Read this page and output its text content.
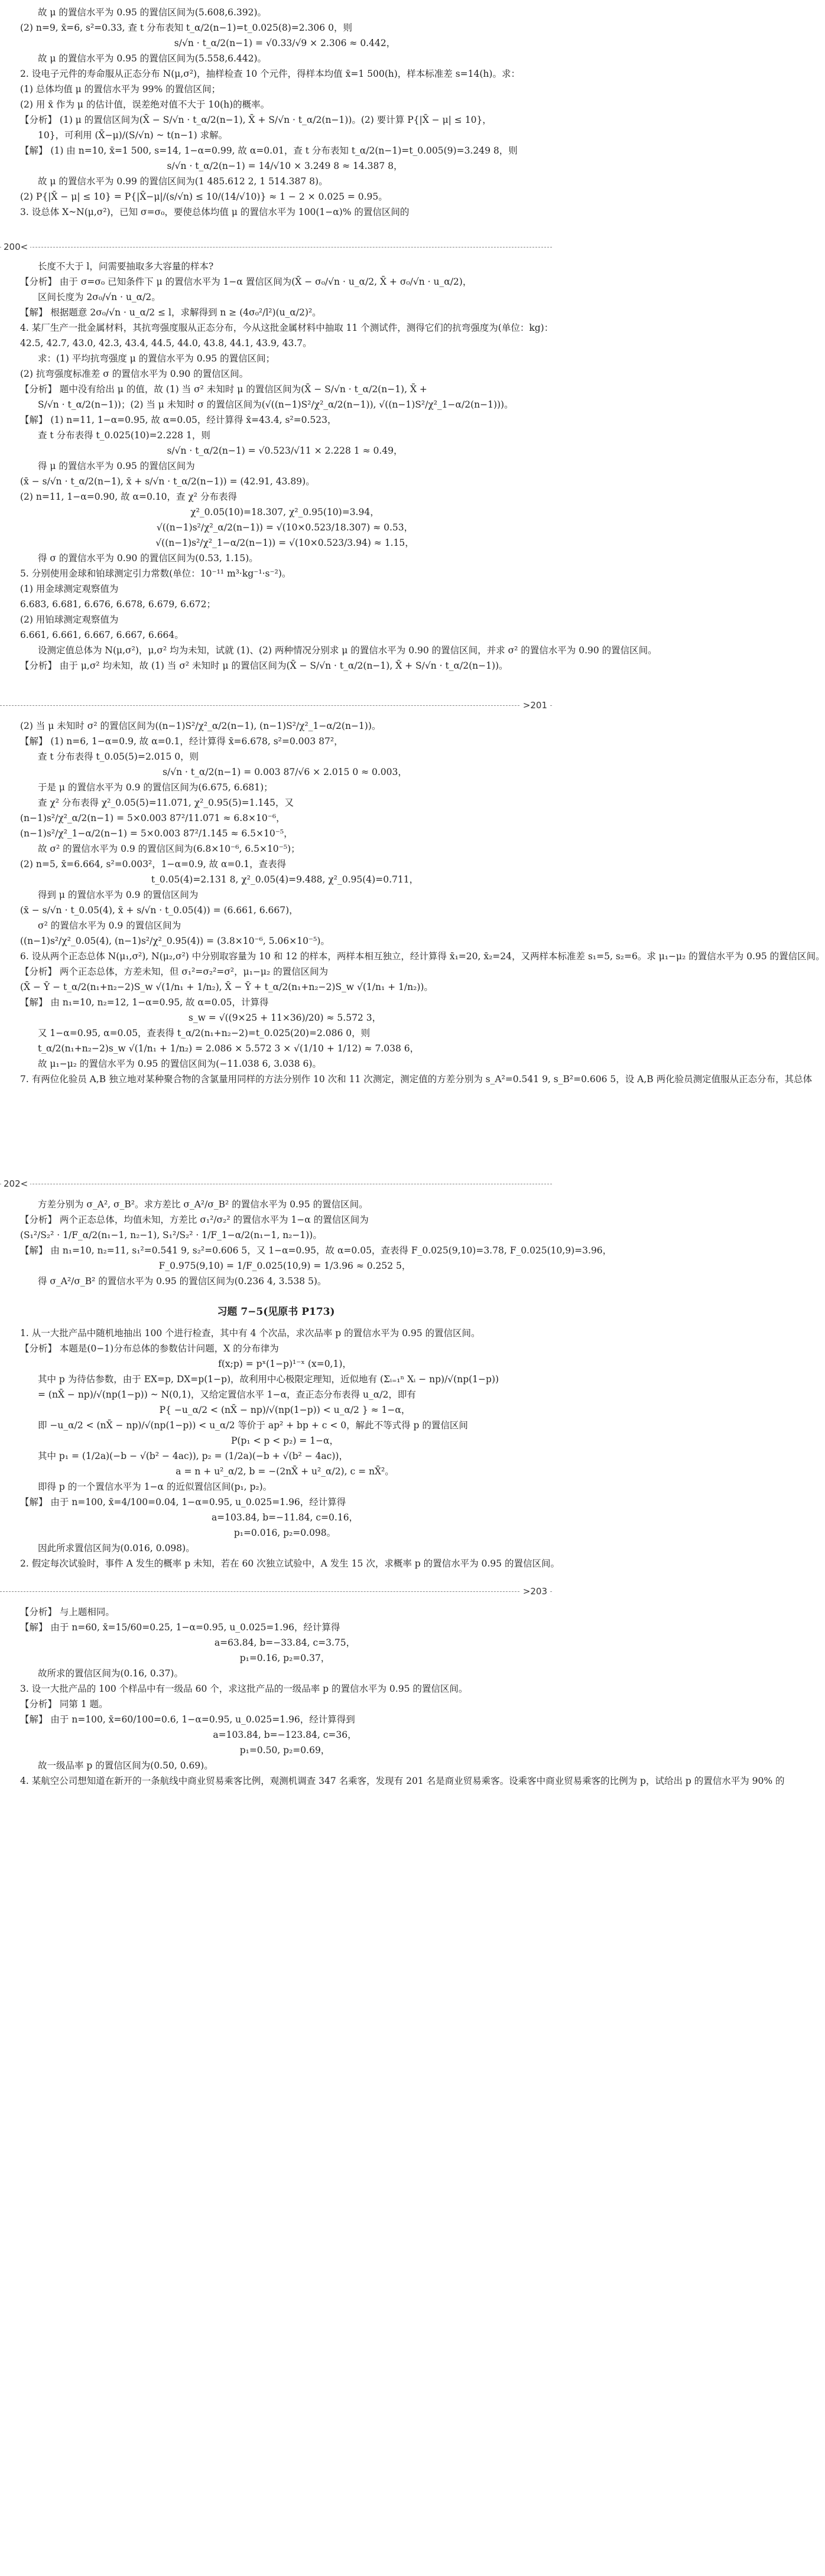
故 μ 的置信水平为 0.95 的置信区间为(5.608,6.392)。

(2) n=9, x̄=6, s²=0.33, 查 t 分布表知 t_α/2(n−1)=t_0.025(8)=2.306 0，则

s/√n · t_α/2(n−1) = √0.33/√9 × 2.306 ≈ 0.442，

故 μ 的置信水平为 0.95 的置信区间为(5.558,6.442)。

2. 设电子元件的寿命服从正态分布 N(μ,σ²)，抽样检查 10 个元件，得样本均值 x̄=1 500(h)，样本标准差 s=14(h)。求：

(1) 总体均值 μ 的置信水平为 99% 的置信区间；

(2) 用 x̄ 作为 μ 的估计值，误差绝对值不大于 10(h)的概率。

【分析】 (1) μ 的置信区间为(X̄ − S/√n · t_α/2(n−1), X̄ + S/√n · t_α/2(n−1))。(2) 要计算 P{|X̄ − μ| ≤ 10}，

10}，可利用 (X̄−μ)/(S/√n) ~ t(n−1) 求解。

【解】 (1) 由 n=10, x̄=1 500, s=14, 1−α=0.99, 故 α=0.01，查 t 分布表知 t_α/2(n−1)=t_0.005(9)=3.249 8，则

s/√n · t_α/2(n−1) = 14/√10 × 3.249 8 ≈ 14.387 8，

故 μ 的置信水平为 0.99 的置信区间为(1 485.612 2, 1 514.387 8)。

(2) P{|X̄ − μ| ≤ 10} = P{|X̄−μ|/(s/√n) ≤ 10/(14/√10)} ≈ 1 − 2 × 0.025 = 0.95。

3. 设总体 X~N(μ,σ²)，已知 σ=σ₀，要使总体均值 μ 的置信水平为 100(1−α)% 的置信区间的

200<

长度不大于 l，问需要抽取多大容量的样本?

【分析】 由于 σ=σ₀ 已知条件下 μ 的置信水平为 1−α 置信区间为(X̄ − σ₀/√n · u_α/2, X̄ + σ₀/√n · u_α/2)，

区间长度为 2σ₀/√n · u_α/2。

【解】 根据题意 2σ₀/√n · u_α/2 ≤ l，求解得到 n ≥ (4σ₀²/l²)(u_α/2)²。

4. 某厂生产一批金属材料，其抗弯强度服从正态分布，今从这批金属材料中抽取 11 个测试件，测得它们的抗弯强度为(单位：kg)：

42.5, 42.7, 43.0, 42.3, 43.4, 44.5, 44.0, 43.8, 44.1, 43.9, 43.7。

求：(1) 平均抗弯强度 μ 的置信水平为 0.95 的置信区间；

(2) 抗弯强度标准差 σ 的置信水平为 0.90 的置信区间。

【分析】 题中没有给出 μ 的值，故 (1) 当 σ² 未知时 μ 的置信区间为(X̄ − S/√n · t_α/2(n−1), X̄ +

S/√n · t_α/2(n−1))；(2) 当 μ 未知时 σ 的置信区间为(√((n−1)S²/χ²_α/2(n−1)), √((n−1)S²/χ²_1−α/2(n−1)))。

【解】 (1) n=11, 1−α=0.95, 故 α=0.05，经计算得 x̄=43.4, s²=0.523，

查 t 分布表得 t_0.025(10)=2.228 1，则

s/√n · t_α/2(n−1) = √0.523/√11 × 2.228 1 ≈ 0.49，

得 μ 的置信水平为 0.95 的置信区间为

(x̄ − s/√n · t_α/2(n−1), x̄ + s/√n · t_α/2(n−1)) = (42.91, 43.89)。

(2) n=11, 1−α=0.90, 故 α=0.10，查 χ² 分布表得

χ²_0.05(10)=18.307, χ²_0.95(10)=3.94，

√((n−1)s²/χ²_α/2(n−1)) = √(10×0.523/18.307) ≈ 0.53，

√((n−1)s²/χ²_1−α/2(n−1)) = √(10×0.523/3.94) ≈ 1.15，

得 σ 的置信水平为 0.90 的置信区间为(0.53, 1.15)。

5. 分别使用金球和铂球测定引力常数(单位：10⁻¹¹ m³·kg⁻¹·s⁻²)。

(1) 用金球测定观察值为

6.683, 6.681, 6.676, 6.678, 6.679, 6.672；

(2) 用铂球测定观察值为

6.661, 6.661, 6.667, 6.667, 6.664。

设测定值总体为 N(μ,σ²)，μ,σ² 均为未知，试就 (1)、(2) 两种情况分别求 μ 的置信水平为 0.90 的置信区间，并求 σ² 的置信水平为 0.90 的置信区间。

【分析】 由于 μ,σ² 均未知，故 (1) 当 σ² 未知时 μ 的置信区间为(X̄ − S/√n · t_α/2(n−1), X̄ + S/√n · t_α/2(n−1))。

>201

(2) 当 μ 未知时 σ² 的置信区间为((n−1)S²/χ²_α/2(n−1), (n−1)S²/χ²_1−α/2(n−1))。

【解】 (1) n=6, 1−α=0.9, 故 α=0.1，经计算得 x̄=6.678, s²=0.003 87²，

查 t 分布表得 t_0.05(5)=2.015 0，则

s/√n · t_α/2(n−1) = 0.003 87/√6 × 2.015 0 ≈ 0.003，

于是 μ 的置信水平为 0.9 的置信区间为(6.675, 6.681)；

查 χ² 分布表得 χ²_0.05(5)=11.071, χ²_0.95(5)=1.145，又

(n−1)s²/χ²_α/2(n−1) = 5×0.003 87²/11.071 ≈ 6.8×10⁻⁶，

(n−1)s²/χ²_1−α/2(n−1) = 5×0.003 87²/1.145 ≈ 6.5×10⁻⁵，

故 σ² 的置信水平为 0.9 的置信区间为(6.8×10⁻⁶, 6.5×10⁻⁵)；

(2) n=5, x̄=6.664, s²=0.003²，1−α=0.9, 故 α=0.1，查表得

t_0.05(4)=2.131 8, χ²_0.05(4)=9.488, χ²_0.95(4)=0.711，

得到 μ 的置信水平为 0.9 的置信区间为

(x̄ − s/√n · t_0.05(4), x̄ + s/√n · t_0.05(4)) = (6.661, 6.667)，

σ² 的置信水平为 0.9 的置信区间为

((n−1)s²/χ²_0.05(4), (n−1)s²/χ²_0.95(4)) = (3.8×10⁻⁶, 5.06×10⁻⁵)。

6. 设从两个正态总体 N(μ₁,σ²), N(μ₂,σ²) 中分别取容量为 10 和 12 的样本，两样本相互独立，经计算得 x̄₁=20, x̄₂=24，又两样本标准差 s₁=5, s₂=6。求 μ₁−μ₂ 的置信水平为 0.95 的置信区间。

【分析】 两个正态总体，方差未知，但 σ₁²=σ₂²=σ²，μ₁−μ₂ 的置信区间为

(X̄ − Ȳ − t_α/2(n₁+n₂−2)S_w √(1/n₁ + 1/n₂), X̄ − Ȳ + t_α/2(n₁+n₂−2)S_w √(1/n₁ + 1/n₂))。

【解】 由 n₁=10, n₂=12, 1−α=0.95, 故 α=0.05，计算得

s_w = √((9×25 + 11×36)/20) ≈ 5.572 3，

又 1−α=0.95, α=0.05，查表得 t_α/2(n₁+n₂−2)=t_0.025(20)=2.086 0，则

t_α/2(n₁+n₂−2)s_w √(1/n₁ + 1/n₂) = 2.086 × 5.572 3 × √(1/10 + 1/12) ≈ 7.038 6，

故 μ₁−μ₂ 的置信水平为 0.95 的置信区间为(−11.038 6, 3.038 6)。

7. 有两位化验员 A,B 独立地对某种聚合物的含氯量用同样的方法分别作 10 次和 11 次测定，测定值的方差分别为 s_A²=0.541 9, s_B²=0.606 5，设 A,B 两化验员测定值服从正态分布，其总体

202<

方差分别为 σ_A², σ_B²。求方差比 σ_A²/σ_B² 的置信水平为 0.95 的置信区间。

【分析】 两个正态总体，均值未知，方差比 σ₁²/σ₂² 的置信水平为 1−α 的置信区间为

(S₁²/S₂² · 1/F_α/2(n₁−1, n₂−1), S₁²/S₂² · 1/F_1−α/2(n₁−1, n₂−1))。

【解】 由 n₁=10, n₂=11, s₁²=0.541 9, s₂²=0.606 5，又 1−α=0.95，故 α=0.05，查表得 F_0.025(9,10)=3.78, F_0.025(10,9)=3.96，

F_0.975(9,10) = 1/F_0.025(10,9) = 1/3.96 ≈ 0.252 5，

得 σ_A²/σ_B² 的置信水平为 0.95 的置信区间为(0.236 4, 3.538 5)。

习题 7−5(见原书 P173)

1. 从一大批产品中随机地抽出 100 个进行检查，其中有 4 个次品，求次品率 p 的置信水平为 0.95 的置信区间。

【分析】 本题是(0−1)分布总体的参数估计问题，X 的分布律为

f(x;p) = pˣ(1−p)¹⁻ˣ (x=0,1)，

其中 p 为待估参数，由于 EX=p, DX=p(1−p)，故利用中心极限定理知，近似地有 (Σᵢ₌₁ⁿ Xᵢ − np)/√(np(1−p))

= (nX̄ − np)/√(np(1−p)) ~ N(0,1)，又给定置信水平 1−α，查正态分布表得 u_α/2，即有

P{ −u_α/2 < (nX̄ − np)/√(np(1−p)) < u_α/2 } ≈ 1−α，

即 −u_α/2 < (nX̄ − np)/√(np(1−p)) < u_α/2 等价于 ap² + bp + c < 0，解此不等式得 p 的置信区间

P(p₁ < p < p₂) = 1−α，

其中 p₁ = (1/2a)(−b − √(b² − 4ac)), p₂ = (1/2a)(−b + √(b² − 4ac))，

a = n + u²_α/2, b = −(2nX̄ + u²_α/2), c = nX̄²。

即得 p 的一个置信水平为 1−α 的近似置信区间(p₁, p₂)。

【解】 由于 n=100, x̄=4/100=0.04, 1−α=0.95, u_0.025=1.96，经计算得

a=103.84, b=−11.84, c=0.16，

p₁=0.016, p₂=0.098。

因此所求置信区间为(0.016, 0.098)。

2. 假定每次试验时，事件 A 发生的概率 p 未知，若在 60 次独立试验中，A 发生 15 次，求概率 p 的置信水平为 0.95 的置信区间。

>203

【分析】 与上题相同。

【解】 由于 n=60, x̄=15/60=0.25, 1−α=0.95, u_0.025=1.96，经计算得

a=63.84, b=−33.84, c=3.75，

p₁=0.16, p₂=0.37，

故所求的置信区间为(0.16, 0.37)。

3. 设一大批产品的 100 个样品中有一级品 60 个，求这批产品的一级品率 p 的置信水平为 0.95 的置信区间。

【分析】 同第 1 题。

【解】 由于 n=100, x̄=60/100=0.6, 1−α=0.95, u_0.025=1.96，经计算得到

a=103.84, b=−123.84, c=36，

p₁=0.50, p₂=0.69，

故一级品率 p 的置信区间为(0.50, 0.69)。

4. 某航空公司想知道在新开的一条航线中商业贸易乘客比例，观测机调查 347 名乘客，发现有 201 名是商业贸易乘客。设乘客中商业贸易乘客的比例为 p，试给出 p 的置信水平为 90% 的
